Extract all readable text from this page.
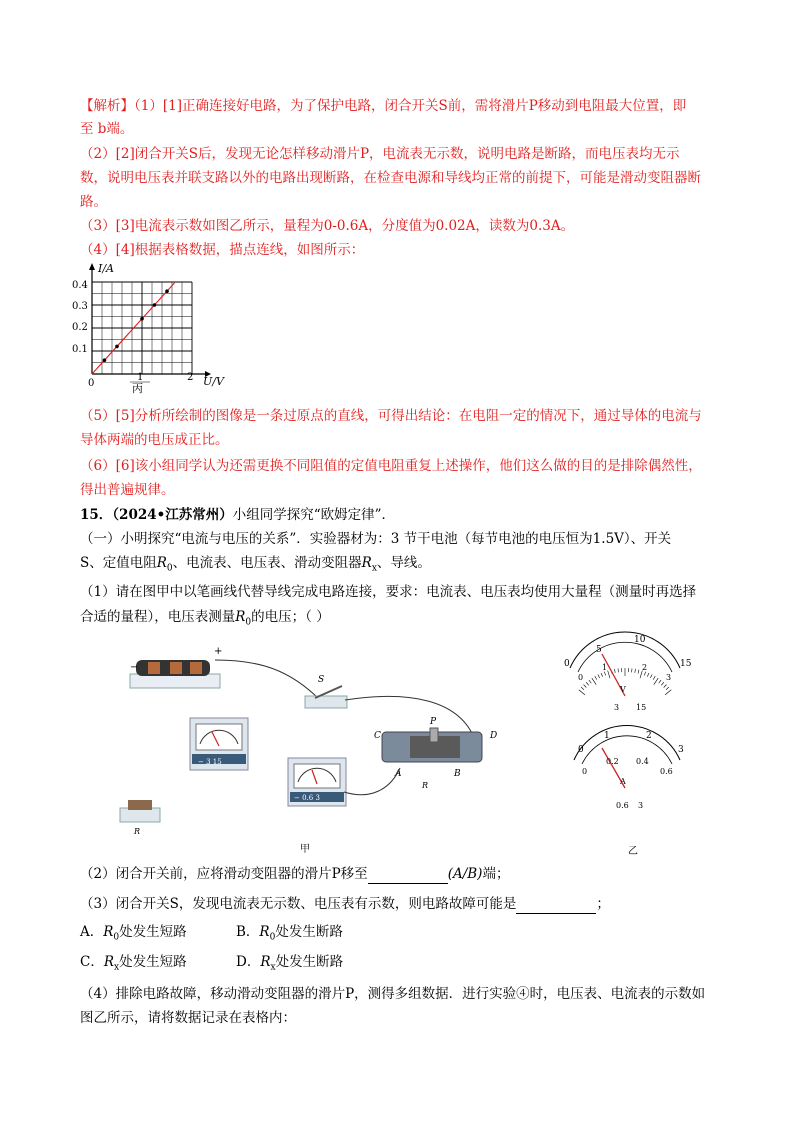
【解析】（1）[1]正确连接好电路，为了保护电路，闭合开关S前，需将滑片P移动到电阻最大位置，即
至 b端。
（2）[2]闭合开关S后，发现无论怎样移动滑片P，电流表无示数，说明电路是断路，而电压表均无示
数，说明电压表并联支路以外的电路出现断路，在检查电源和导线均正常的前提下，可能是滑动变阻器断
路。
（3）[3]电流表示数如图乙所示，量程为0-0.6A，分度值为0.02A，读数为0.3A。
（4）[4]根据表格数据，描点连线，如图所示：
I/A
U/V
0.4
0.3
0.2
0.1
0
1	2
丙
（5）[5]分析所绘制的图像是一条过原点的直线，可得出结论：在电阻一定的情况下，通过导体的电流与
导体两端的电压成正比。
（6）[6]该小组同学认为还需更换不同阻值的定值电阻重复上述操作，他们这么做的目的是排除偶然性，
得出普遍规律。
15．（2024•江苏常州）小组同学探究“欧姆定律”．
（一）小明探究“电流与电压的关系”．实验器材为：3 节干电池（每节电池的电压恒为1.5V）、开关
S、定值电阻$R_0$、电流表、电压表、滑动变阻器$R_x$、导线。
（1）请在图甲中以笔画线代替导线完成电路连接，要求：电流表、电压表均使用大量程（测量时再选择
合适的量程），电压表测量$R_0$的电压；（ ）
−
+
S
− 3 15
P
C	D
A	B
R
− 0.6 3
R
甲
10
0
5
15
0
1	2
3
V
3 15
0
1	2
3
0
0.2 0.4
0.6
A
0.6 3
乙
（2）闭合开关前，应将滑动变阻器的滑片P移至	(A/B)端；
（3）闭合开关S，发现电流表无示数、电压表有示数，则电路故障可能是	；
A．$R_0$处发生短路	B．$R_0$处发生断路
C．$R_x$处发生短路	D．$R_x$处发生断路
（4）排除电路故障，移动滑动变阻器的滑片P，测得多组数据．进行实验④时，电压表、电流表的示数如
图乙所示，请将数据记录在表格内：
